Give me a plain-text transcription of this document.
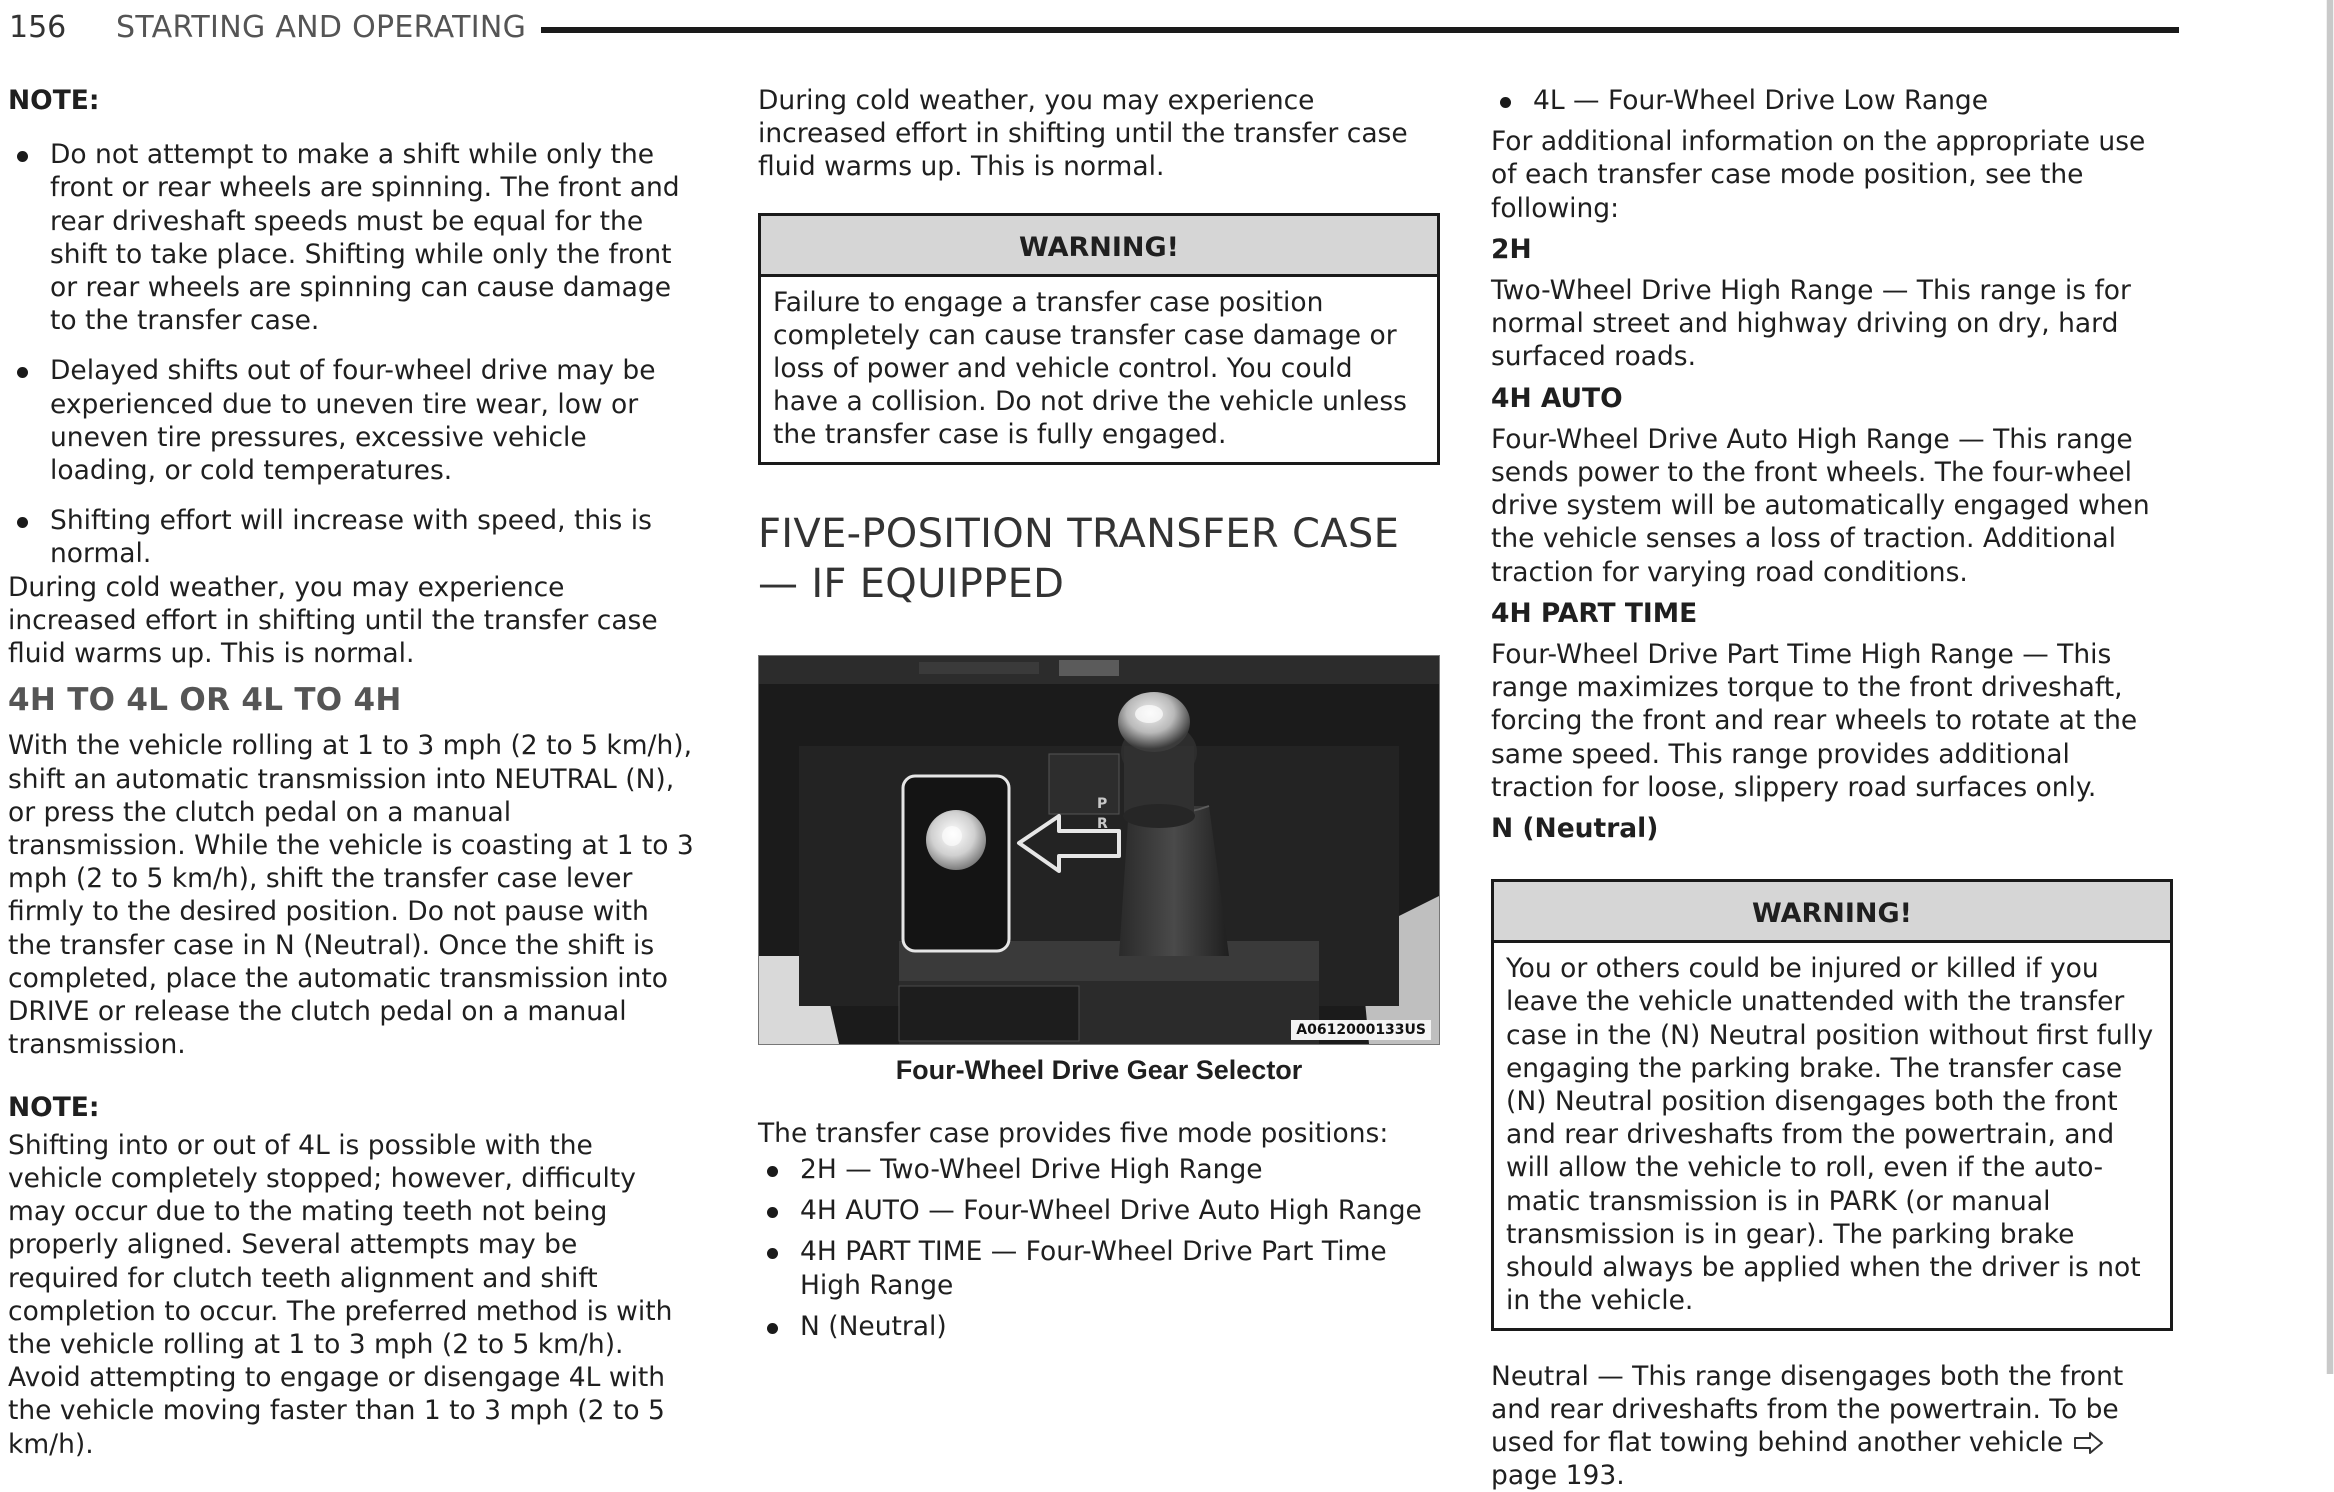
156 STARTING AND OPERATING

NOTE:

Do not attempt to make a shift while only the front or rear wheels are spinning. The front and rear driveshaft speeds must be equal for the shift to take place. Shifting while only the front or rear wheels are spinning can cause damage to the transfer case.
Delayed shifts out of four-wheel drive may be experienced due to uneven tire wear, low or uneven tire pressures, excessive vehicle loading, or cold temperatures.
Shifting effort will increase with speed, this is normal.

During cold weather, you may experience increased effort in shifting until the transfer case fluid warms up. This is normal.

4H TO 4L OR 4L TO 4H

With the vehicle rolling at 1 to 3 mph (2 to 5 km/h), shift an automatic transmission into NEUTRAL (N), or press the clutch pedal on a manual transmission. While the vehicle is coasting at 1 to 3 mph (2 to 5 km/h), shift the transfer case lever firmly to the desired position. Do not pause with the transfer case in N (Neutral). Once the shift is completed, place the automatic transmission into DRIVE or release the clutch pedal on a manual transmission.

NOTE:

Shifting into or out of 4L is possible with the vehicle completely stopped; however, difficulty may occur due to the mating teeth not being properly aligned. Several attempts may be required for clutch teeth alignment and shift completion to occur. The preferred method is with the vehicle rolling at 1 to 3 mph (2 to 5 km/h). Avoid attempting to engage or disengage 4L with the vehicle moving faster than 1 to 3 mph (2 to 5 km/h).

During cold weather, you may experience increased effort in shifting until the transfer case fluid warms up. This is normal.

WARNING!
Failure to engage a transfer case position completely can cause transfer case damage or loss of power and vehicle control. You could have a collision. Do not drive the vehicle unless the transfer case is fully engaged.

FIVE-POSITION TRANSFER CASE — IF EQUIPPED

P
R
A0612000133US

Four-Wheel Drive Gear Selector

The transfer case provides five mode positions:

2H — Two-Wheel Drive High Range
4H AUTO — Four-Wheel Drive Auto High Range
4H PART TIME — Four-Wheel Drive Part Time High Range
N (Neutral)
4L — Four-Wheel Drive Low Range

For additional information on the appropriate use of each transfer case mode position, see the following:

2H

Two-Wheel Drive High Range — This range is for normal street and highway driving on dry, hard surfaced roads.

4H AUTO

Four-Wheel Drive Auto High Range — This range sends power to the front wheels. The four-wheel drive system will be automatically engaged when the vehicle senses a loss of traction. Additional traction for varying road conditions.

4H PART TIME

Four-Wheel Drive Part Time High Range — This range maximizes torque to the front driveshaft, forcing the front and rear wheels to rotate at the same speed. This range provides additional traction for loose, slippery road surfaces only.

N (Neutral)

WARNING!
You or others could be injured or killed if you leave the vehicle unattended with the transfer case in the (N) Neutral position without first fully engaging the parking brake. The transfer case (N) Neutral position disengages both the front and rear driveshafts from the powertrain, and will allow the vehicle to roll, even if the automatic transmission is in PARK (or manual transmission is in gear). The parking brake should always be applied when the driver is not in the vehicle.

Neutral — This range disengages both the front and rear driveshafts from the powertrain. To be used for flat towing behind another vehicle  page 193.
